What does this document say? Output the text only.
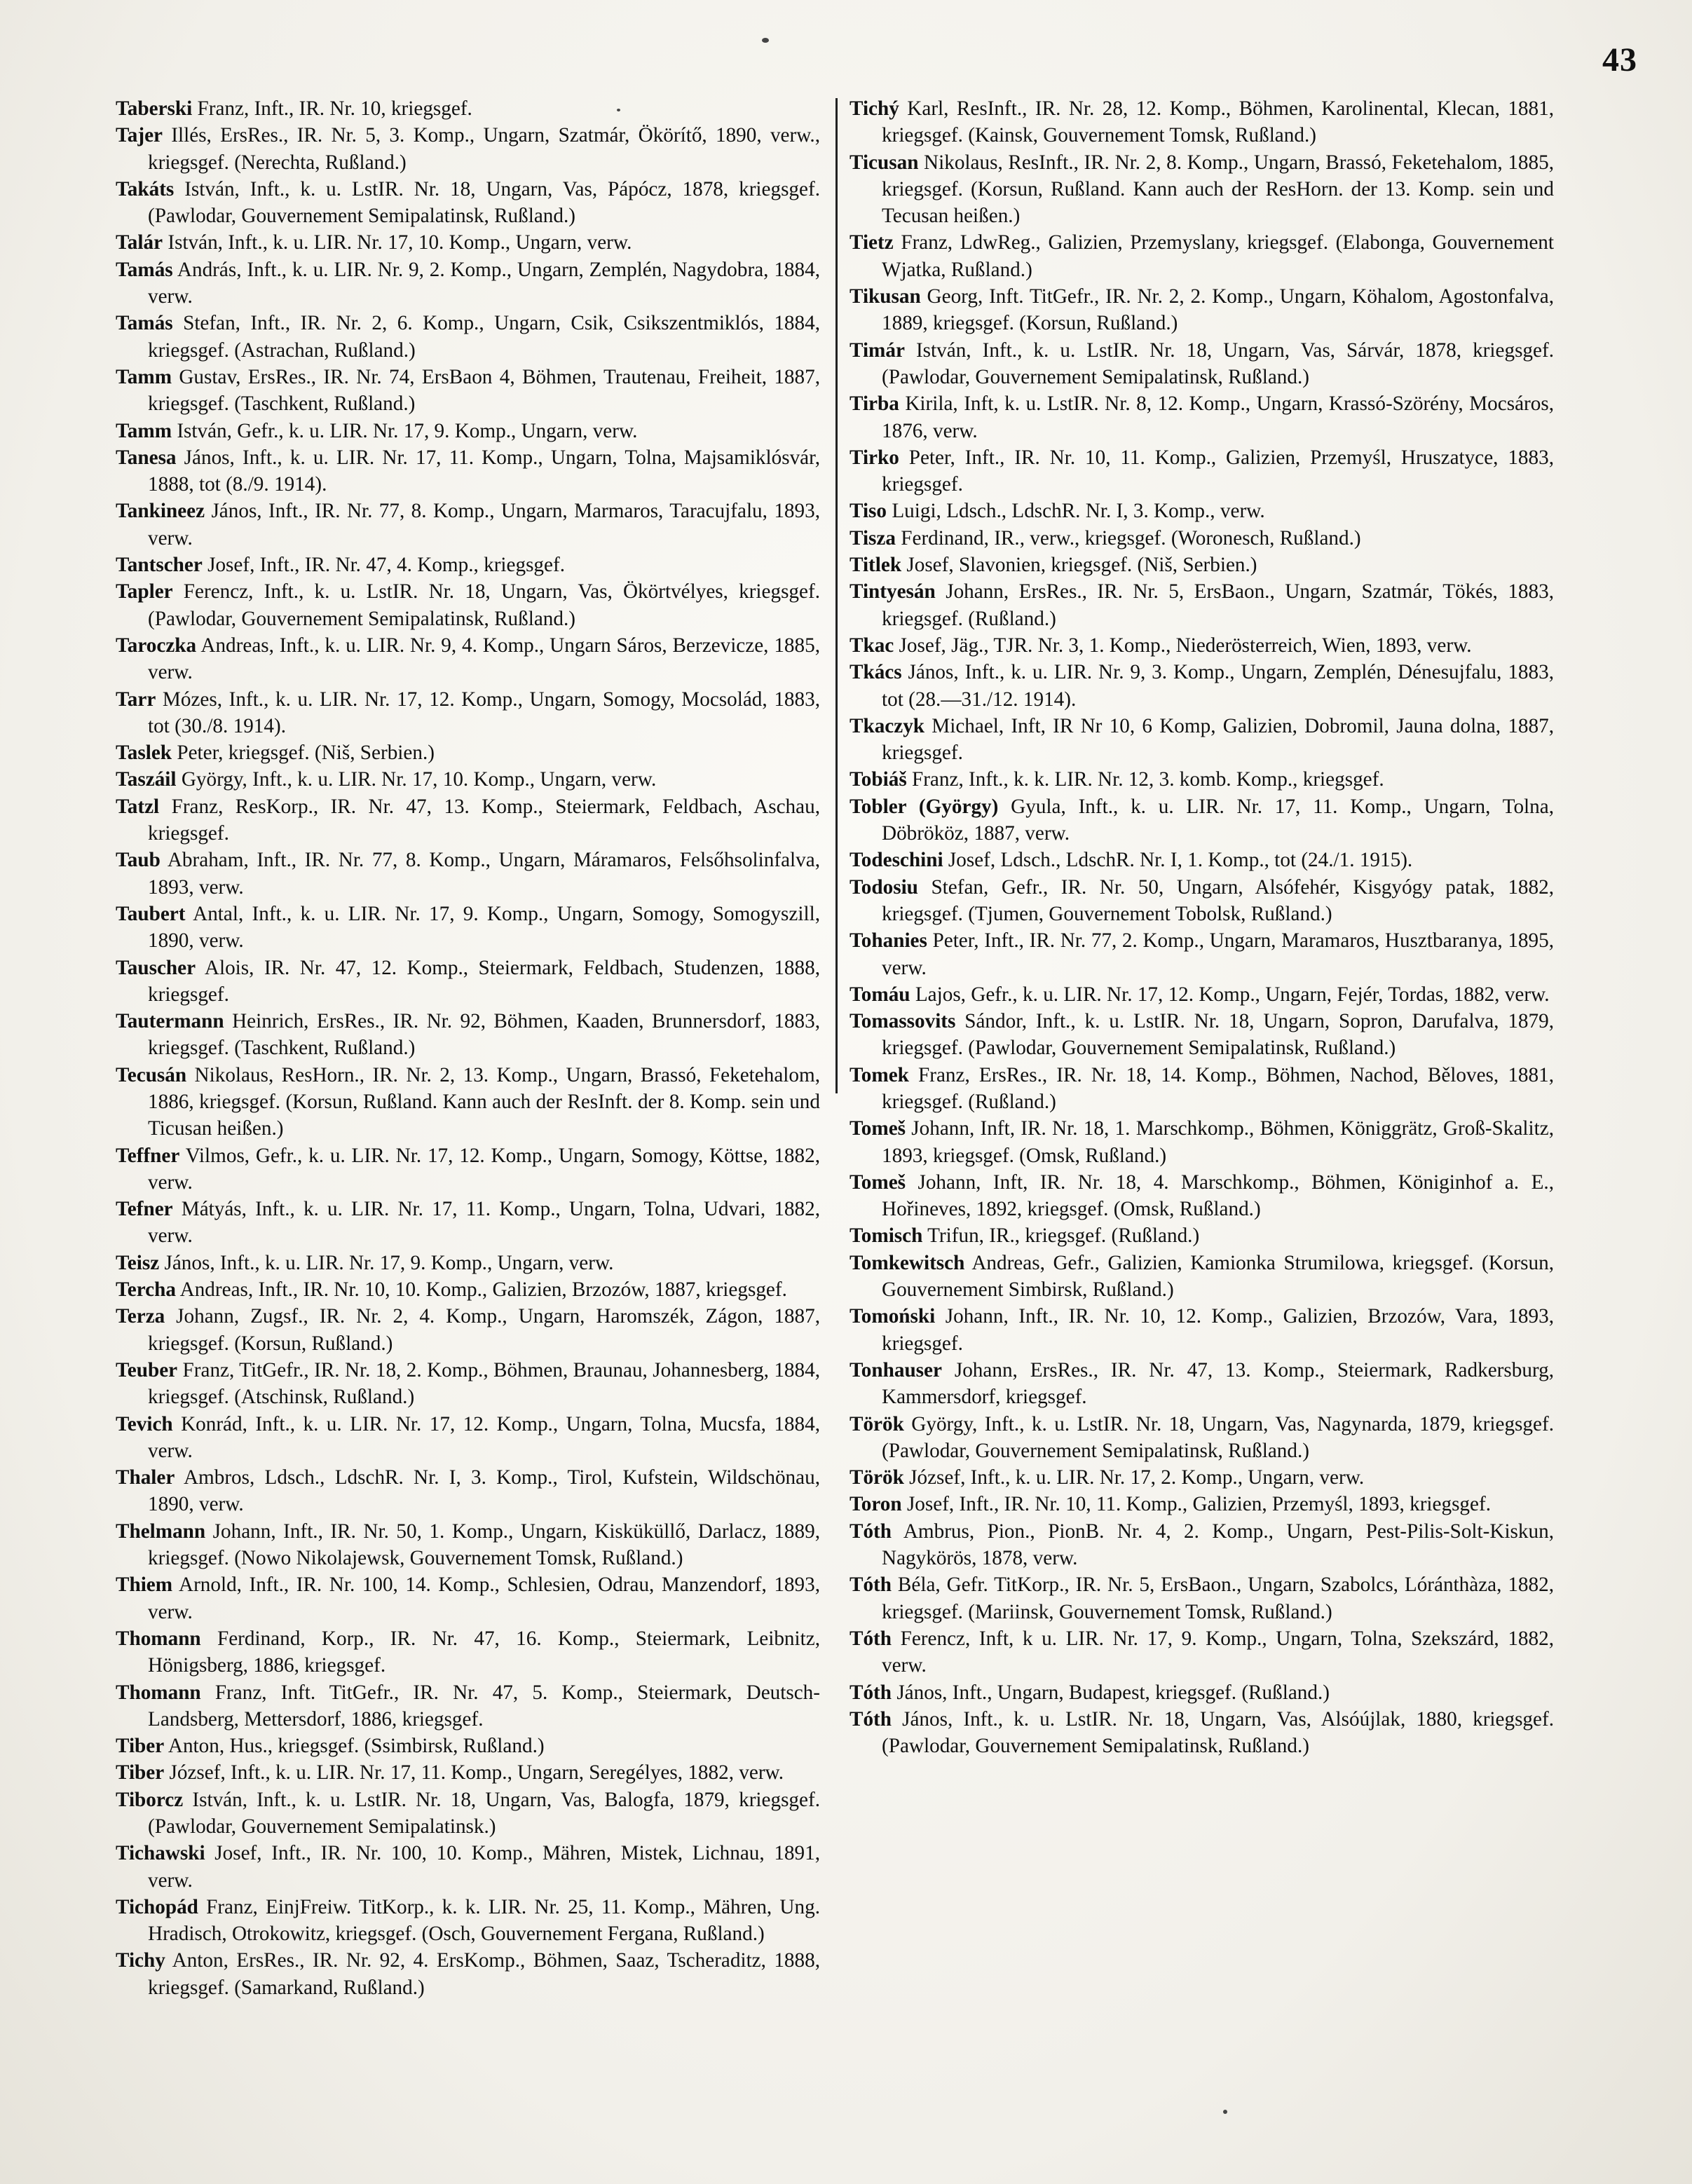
43

Taberski Franz, Inft., IR. Nr. 10, kriegsgef.

Tajer Illés, ErsRes., IR. Nr. 5, 3. Komp., Ungarn, Szatmár, Ökörítő, 1890, verw., kriegsgef. (Nerechta, Rußland.)

Takáts István, Inft., k. u. LstIR. Nr. 18, Ungarn, Vas, Pápócz, 1878, kriegsgef. (Pawlodar, Gouvernement Semipalatinsk, Rußland.)

Talár István, Inft., k. u. LIR. Nr. 17, 10. Komp., Ungarn, verw.

Tamás András, Inft., k. u. LIR. Nr. 9, 2. Komp., Ungarn, Zemplén, Nagydobra, 1884, verw.

Tamás Stefan, Inft., IR. Nr. 2, 6. Komp., Ungarn, Csik, Csikszentmiklós, 1884, kriegsgef. (Astrachan, Rußland.)

Tamm Gustav, ErsRes., IR. Nr. 74, ErsBaon 4, Böhmen, Trautenau, Freiheit, 1887, kriegsgef. (Taschkent, Rußland.)

Tamm István, Gefr., k. u. LIR. Nr. 17, 9. Komp., Ungarn, verw.

Tanesa János, Inft., k. u. LIR. Nr. 17, 11. Komp., Ungarn, Tolna, Majsamiklósvár, 1888, tot (8./9. 1914).

Tankineez János, Inft., IR. Nr. 77, 8. Komp., Ungarn, Marmaros, Taracujfalu, 1893, verw.

Tantscher Josef, Inft., IR. Nr. 47, 4. Komp., kriegsgef.

Tapler Ferencz, Inft., k. u. LstIR. Nr. 18, Ungarn, Vas, Ökörtvélyes, kriegsgef. (Pawlodar, Gouvernement Semipalatinsk, Rußland.)

Taroczka Andreas, Inft., k. u. LIR. Nr. 9, 4. Komp., Ungarn Sáros, Berzevicze, 1885, verw.

Tarr Mózes, Inft., k. u. LIR. Nr. 17, 12. Komp., Ungarn, Somogy, Mocsolád, 1883, tot (30./8. 1914).

Taslek Peter, kriegsgef. (Niš, Serbien.)

Taszáil György, Inft., k. u. LIR. Nr. 17, 10. Komp., Ungarn, verw.

Tatzl Franz, ResKorp., IR. Nr. 47, 13. Komp., Steiermark, Feldbach, Aschau, kriegsgef.

Taub Abraham, Inft., IR. Nr. 77, 8. Komp., Ungarn, Máramaros, Felsőhsolinfalva, 1893, verw.

Taubert Antal, Inft., k. u. LIR. Nr. 17, 9. Komp., Ungarn, Somogy, Somogyszill, 1890, verw.

Tauscher Alois, IR. Nr. 47, 12. Komp., Steiermark, Feldbach, Studenzen, 1888, kriegsgef.

Tautermann Heinrich, ErsRes., IR. Nr. 92, Böhmen, Kaaden, Brunnersdorf, 1883, kriegsgef. (Taschkent, Rußland.)

Tecusán Nikolaus, ResHorn., IR. Nr. 2, 13. Komp., Ungarn, Brassó, Feketehalom, 1886, kriegsgef. (Korsun, Rußland. Kann auch der ResInft. der 8. Komp. sein und Ticusan heißen.)

Teffner Vilmos, Gefr., k. u. LIR. Nr. 17, 12. Komp., Ungarn, Somogy, Köttse, 1882, verw.

Tefner Mátyás, Inft., k. u. LIR. Nr. 17, 11. Komp., Ungarn, Tolna, Udvari, 1882, verw.

Teisz János, Inft., k. u. LIR. Nr. 17, 9. Komp., Ungarn, verw.

Tercha Andreas, Inft., IR. Nr. 10, 10. Komp., Galizien, Brzozów, 1887, kriegsgef.

Terza Johann, Zugsf., IR. Nr. 2, 4. Komp., Ungarn, Haromszék, Zágon, 1887, kriegsgef. (Korsun, Rußland.)

Teuber Franz, TitGefr., IR. Nr. 18, 2. Komp., Böhmen, Braunau, Johannesberg, 1884, kriegsgef. (Atschinsk, Rußland.)

Tevich Konrád, Inft., k. u. LIR. Nr. 17, 12. Komp., Ungarn, Tolna, Mucsfa, 1884, verw.

Thaler Ambros, Ldsch., LdschR. Nr. I, 3. Komp., Tirol, Kufstein, Wildschönau, 1890, verw.

Thelmann Johann, Inft., IR. Nr. 50, 1. Komp., Ungarn, Kisküküllő, Darlacz, 1889, kriegsgef. (Nowo Nikolajewsk, Gouvernement Tomsk, Rußland.)

Thiem Arnold, Inft., IR. Nr. 100, 14. Komp., Schlesien, Odrau, Manzendorf, 1893, verw.

Thomann Ferdinand, Korp., IR. Nr. 47, 16. Komp., Steiermark, Leibnitz, Hönigsberg, 1886, kriegsgef.

Thomann Franz, Inft. TitGefr., IR. Nr. 47, 5. Komp., Steiermark, Deutsch-Landsberg, Mettersdorf, 1886, kriegsgef.

Tiber Anton, Hus., kriegsgef. (Ssimbirsk, Rußland.)

Tiber József, Inft., k. u. LIR. Nr. 17, 11. Komp., Ungarn, Seregélyes, 1882, verw.

Tiborcz István, Inft., k. u. LstIR. Nr. 18, Ungarn, Vas, Balogfa, 1879, kriegsgef. (Pawlodar, Gouvernement Semipalatinsk.)

Tichawski Josef, Inft., IR. Nr. 100, 10. Komp., Mähren, Mistek, Lichnau, 1891, verw.

Tichopád Franz, EinjFreiw. TitKorp., k. k. LIR. Nr. 25, 11. Komp., Mähren, Ung. Hradisch, Otrokowitz, kriegsgef. (Osch, Gouvernement Fergana, Rußland.)

Tichy Anton, ErsRes., IR. Nr. 92, 4. ErsKomp., Böhmen, Saaz, Tscheraditz, 1888, kriegsgef. (Samarkand, Rußland.)

Tichý Karl, ResInft., IR. Nr. 28, 12. Komp., Böhmen, Karolinental, Klecan, 1881, kriegsgef. (Kainsk, Gouvernement Tomsk, Rußland.)

Ticusan Nikolaus, ResInft., IR. Nr. 2, 8. Komp., Ungarn, Brassó, Feketehalom, 1885, kriegsgef. (Korsun, Rußland. Kann auch der ResHorn. der 13. Komp. sein und Tecusan heißen.)

Tietz Franz, LdwReg., Galizien, Przemyslany, kriegsgef. (Elabonga, Gouvernement Wjatka, Rußland.)

Tikusan Georg, Inft. TitGefr., IR. Nr. 2, 2. Komp., Ungarn, Köhalom, Agostonfalva, 1889, kriegsgef. (Korsun, Rußland.)

Timár István, Inft., k. u. LstIR. Nr. 18, Ungarn, Vas, Sárvár, 1878, kriegsgef. (Pawlodar, Gouvernement Semipalatinsk, Rußland.)

Tirba Kirila, Inft, k. u. LstIR. Nr. 8, 12. Komp., Ungarn, Krassó-Szörény, Mocsáros, 1876, verw.

Tirko Peter, Inft., IR. Nr. 10, 11. Komp., Galizien, Przemyśl, Hruszatyce, 1883, kriegsgef.

Tiso Luigi, Ldsch., LdschR. Nr. I, 3. Komp., verw.

Tisza Ferdinand, IR., verw., kriegsgef. (Woronesch, Rußland.)

Titlek Josef, Slavonien, kriegsgef. (Niš, Serbien.)

Tintyesán Johann, ErsRes., IR. Nr. 5, ErsBaon., Ungarn, Szatmár, Tökés, 1883, kriegsgef. (Rußland.)

Tkac Josef, Jäg., TJR. Nr. 3, 1. Komp., Niederösterreich, Wien, 1893, verw.

Tkács János, Inft., k. u. LIR. Nr. 9, 3. Komp., Ungarn, Zemplén, Dénesujfalu, 1883, tot (28.—31./12. 1914).

Tkaczyk Michael, Inft, IR Nr 10, 6 Komp, Galizien, Dobromil, Jauna dolna, 1887, kriegsgef.

Tobiáš Franz, Inft., k. k. LIR. Nr. 12, 3. komb. Komp., kriegsgef.

Tobler (György) Gyula, Inft., k. u. LIR. Nr. 17, 11. Komp., Ungarn, Tolna, Döbrököz, 1887, verw.

Todeschini Josef, Ldsch., LdschR. Nr. I, 1. Komp., tot (24./1. 1915).

Todosiu Stefan, Gefr., IR. Nr. 50, Ungarn, Alsófehér, Kisgyógy patak, 1882, kriegsgef. (Tjumen, Gouvernement Tobolsk, Rußland.)

Tohanies Peter, Inft., IR. Nr. 77, 2. Komp., Ungarn, Maramaros, Husztbaranya, 1895, verw.

Tomáu Lajos, Gefr., k. u. LIR. Nr. 17, 12. Komp., Ungarn, Fejér, Tordas, 1882, verw.

Tomassovits Sándor, Inft., k. u. LstIR. Nr. 18, Ungarn, Sopron, Darufalva, 1879, kriegsgef. (Pawlodar, Gouvernement Semipalatinsk, Rußland.)

Tomek Franz, ErsRes., IR. Nr. 18, 14. Komp., Böhmen, Nachod, Běloves, 1881, kriegsgef. (Rußland.)

Tomeš Johann, Inft, IR. Nr. 18, 1. Marschkomp., Böhmen, Königgrätz, Groß-Skalitz, 1893, kriegsgef. (Omsk, Rußland.)

Tomeš Johann, Inft, IR. Nr. 18, 4. Marschkomp., Böhmen, Königinhof a. E., Hořineves, 1892, kriegsgef. (Omsk, Rußland.)

Tomisch Trifun, IR., kriegsgef. (Rußland.)

Tomkewitsch Andreas, Gefr., Galizien, Kamionka Strumilowa, kriegsgef. (Korsun, Gouvernement Simbirsk, Rußland.)

Tomoński Johann, Inft., IR. Nr. 10, 12. Komp., Galizien, Brzozów, Vara, 1893, kriegsgef.

Tonhauser Johann, ErsRes., IR. Nr. 47, 13. Komp., Steiermark, Radkersburg, Kammersdorf, kriegsgef.

Török György, Inft., k. u. LstIR. Nr. 18, Ungarn, Vas, Nagynarda, 1879, kriegsgef. (Pawlodar, Gouvernement Semipalatinsk, Rußland.)

Török József, Inft., k. u. LIR. Nr. 17, 2. Komp., Ungarn, verw.

Toron Josef, Inft., IR. Nr. 10, 11. Komp., Galizien, Przemyśl, 1893, kriegsgef.

Tóth Ambrus, Pion., PionB. Nr. 4, 2. Komp., Ungarn, Pest-Pilis-Solt-Kiskun, Nagykörös, 1878, verw.

Tóth Béla, Gefr. TitKorp., IR. Nr. 5, ErsBaon., Ungarn, Szabolcs, Lóránthàza, 1882, kriegsgef. (Mariinsk, Gouvernement Tomsk, Rußland.)

Tóth Ferencz, Inft, k u. LIR. Nr. 17, 9. Komp., Ungarn, Tolna, Szekszárd, 1882, verw.

Tóth János, Inft., Ungarn, Budapest, kriegsgef. (Rußland.)

Tóth János, Inft., k. u. LstIR. Nr. 18, Ungarn, Vas, Alsóújlak, 1880, kriegsgef. (Pawlodar, Gouvernement Semipalatinsk, Rußland.)
